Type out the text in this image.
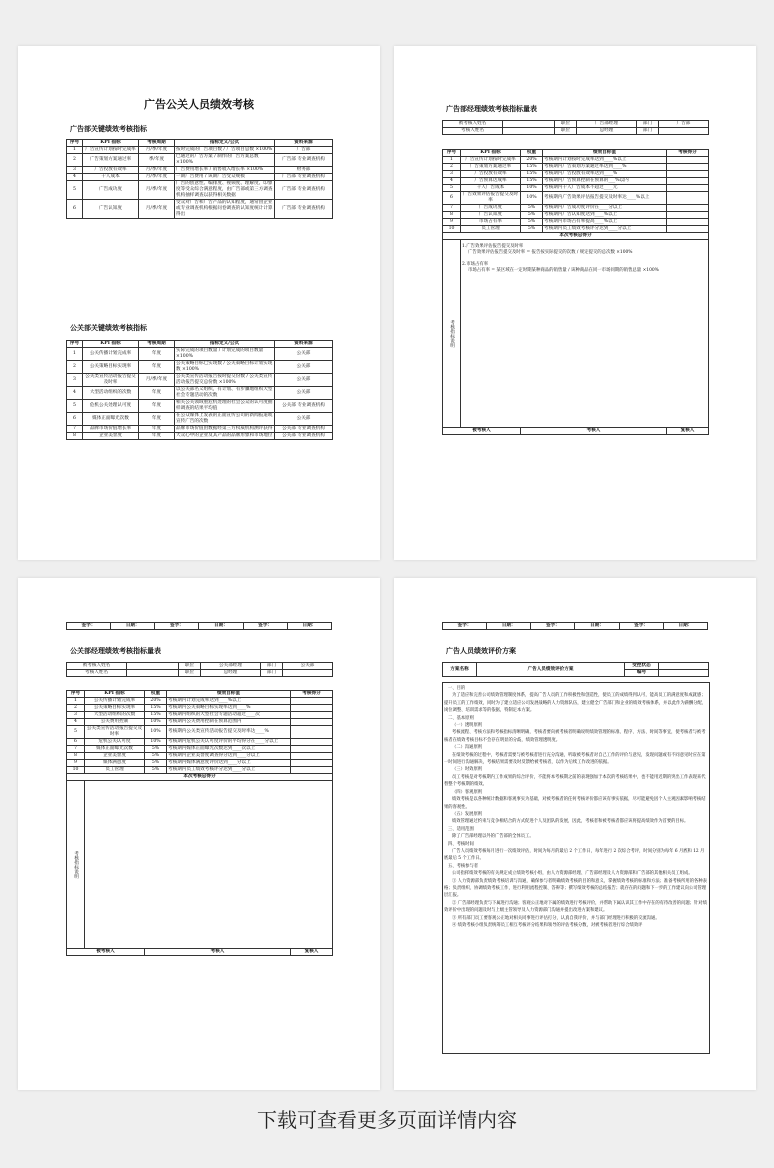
广告公关人员绩效考核
广告部关键绩效考核指标
序号	KPI 指标	考核周期	指标定义/公式	资料来源
1	广告宣传计划按时完成率	月/季/年度	按时完成的广告项目数 / 广告项目总数 ×100%	广告部
2	广告策划方案通过率	季/年度	已通过的广告方案 / 制作的广告方案总数 ×100%	广告部 专业调查机构
3	广告投放有效率	月/季/年度	广告费用增长率 / 销售收入增长率 ×100%	财务部
4	千人成本	月/季/年度	一期广告费用 / 该期广告受众规模	广告部 专业调查机构
5	广告成功度	月/季/年度	广告的创意性、编排度、视频度、理解度、印象度等受众综合满意程度，由广告部或第三方调查机构抽样调查以获得相关数据	广告部 专业调查机构
6	广告认知度	月/季/年度	受众对广告和广告产品的认知程度，通常由企业或专业调查机构根据问卷调查的认知度统计计算得出	广告部 专业调查机构
公关部关键绩效考核指标
序号	KPI 指标	考核周期	指标定义/公式	资料来源
1	公关传播计划完成率	年度	实际完成的项目数量 / 计划完成的项目数量 ×100%	公关部
2	公关策略目标实现率	年度	公关策略目标已实现数 / 公关策略目标计划实现数 ×100%	公关部
3	公关类宣传活动报告提交及时率	月/季/年度	公关类宣传活动报告按时提交份数 / 公关类宣传活动报告提交总份数 ×100%	公关部
4	大型活动组织的次数	年度	以公关部名义组织，有计划、有步骤地组织大型社会专题活动的次数	公关部
5	危机公关处理认可度	年度	相关公关领域重危机处理的社会公众的认可度抽样调查的结果平均值	公关部 专业调查机构
6	媒体正面曝光次数	年度	在公众媒体上发表的正面宣传公司的新闻报道或宣传广告的次数	公关部
7	品牌市场价值增长率	年度	品牌市场价值由数据经第三方权威机构测评获得	公关部 专业调查机构
8	企业美誉度	年度	大众心中的企业及其产品的品牌形象和市场地位	公关部 专业调查机构
广告部经理绩效考核指标量表
被考核人姓名		职位	广告部经理	部门	广告部
考核人姓名		职位	总经理	部门	
序号	KPI 指标	权重	绩效目标值	考核得分
1	广告宣传计划按时完成率	20%	考核期内计划按时完成率达到____%以上	
2	广告策划方案通过率	15%	考核期内广告策划方案通过率达到____%	
3	广告投放有效率	15%	考核期内广告投放有效率达到____%	
4	广告预算达成率	15%	考核期内广告预算控制在预算的___%以内	
5	千人广告成本	10%	考核期内千人广告成本不超过____元	
6	广告效果评估报告提交及时率	10%	考核期内广告效果评估报告提交及时率达____%以上	
7	广告成功度	5%	考核期内广告成功度评价在____分以上	
8	广告认知度	5%	考核期内广告认知度达到____%以上	
9	市场占有率	5%	考核期内市场占有率提高____%以上	
10	员工管理	5%	考核期内员工绩效考核评分达到____分以上	
本次考核总得分				
考核指标说明	1.广告效果评估报告提交及时率
广告效果评估报告提交及时率 = 报告按实际提交的次数 / 规定提交的总次数 ×100%
2.市场占有率
市场占有率 = 某区域在一定时期某种商品的销售量 / 该种商品在同一市场同期的销售总量 ×100%			

被考核人		考核人		复核人
签字：	日期：	签字：	日期：	签字：	日期：
公关部经理绩效考核指标量表
被考核人姓名		职位	公关部经理	部门	公关部
考核人姓名		职位	总经理	部门	
序号	KPI 指标	权重	绩效目标值	考核得分
1	公关传播计划完成率	20%	考核期内计划完成率达到____%以上	
2	公关策略目标实现率	15%	考核期内公关策略目标实现率达到____%	
3	大型活动组织的次数	15%	考核期内组织的大型社会专题活动超过____次	
4	公关费用控制	10%	考核期内公关费用控制在预算范围内	
5	公关类宣传活动报告提交及时率	10%	考核期内公关类宣传活动报告提交及时率达____%	
6	危机公关认可度	10%	考核期内危机公关认可度评价的平均得分在____分以上	
7	媒体正面曝光次数	5%	考核期内媒体正面曝光次数达到____次以上	
8	企业美誉度	5%	考核期内企业美誉度调查得分达到____分以上	
9	媒体满意度	5%	考核期内媒体满意度评价达到____分以上	
10	员工管理	5%	考核期内员工绩效考核评分达到____分以上	
本次考核总得分				
考核指标说明				
被考核人		考核人		复核人
签字：	日期：	签字：	日期：	签字：	日期：
广告人员绩效评价方案
方案名称	广告人员绩效评价方案	受控状态	
		编号	
一、目的
为了适应和完善公司绩效管理制度体系，提高广告人员的工作积极性和创造性，使员工的成绩得到认可，能高员工的满意度和成就感；提升员工的工作绩效，同时为了建立适应公司发展战略的人力资源队伍，建立健全广告部门和企业的绩效考核体系，并以此作为薪酬分配、岗位调整、培训需求等的依据，特制定本方案。
二、基本原则
（一）透明原则
考核流程、考核方法和考核指标清晰明确，考核者要向被考核者明确说明绩效管理的标准、程序、方法、时间等事宜，使考核者与被考核者在绩效考核目标不会存在明显的分歧，绩效管理透明度。
（二）沟通原则
在绩效考核的过程中，考核者需要与被考核者进行充分沟通，听取被考核者对自己工作的评价与意见，发现问题或有不同意见时应在第一时间进行沟通解决，考核结果需要及时反馈给被考核者，以作为后续工作改进的依据。
（三）时效原则
员工考核是对考核期内工作成果的综合评价，不能将本考核期之前的表现强加于本次的考核结果中，也不能用近期的突出工作表现来代替整个考核期的绩效。
（四）客观原则
绩效考核是以各种统计数据和客观事实为基础，对被考核者的任何考核评价都应该有事实依据，尽可能避免因个人主观因素影响考核结果的客观性。
（五）发展原则
绩效管理通过约束与竞争相结合的方式促进个人及团队的发展，因此，考核者和被考核者都应该将提高绩效作为首要的目标。
三、适用范围
除了广告部经理以外的广告部的全体员工。
四、考核时间
广告人员绩效考核每月进行一次绩效评估，时间为每月的最后 2 个工作日，每年进行 2 次综合考评，时间分别为每年 6 月底和 12 月底最后 5 个工作日。
五、考核参与者
公司指挥绩效考核的有关规定成立绩效考核小组，由人力资源部经理、广告部经理及人力资源部和广告部的其他相关员工组成。
① 人力资源部负责绩效考核培训与沟通，确保参与者明确绩效考核的目的和意义，掌握绩效考核的标准和方法；准备考核所用的各种表格；负责组织、协调绩效考核工作，进行利用流程控制、答辩等；撰写绩效考核的总结报告；就存在的问题和下一步的工作建议向公司管理层汇报。
② 广告部经理负责与下属进行沟通；客观公正地对下属的绩效进行考核评价，并帮助下属认识其工作中存在的有待改善的问题；针对绩效评价中出现的问题及时与上级主管领导及人力资源部门沟通并提出改进方案和建议。
③ 所有部门员工要客观公正地对相关同事进行评估打分，认真自我评价，并与部门经理进行积极的交流沟通。
④ 绩效考核小组负责统筹员工相互考核评分结果和领导的评估考核分数，对被考核者进行综合绩效评
下载可查看更多页面详情内容
